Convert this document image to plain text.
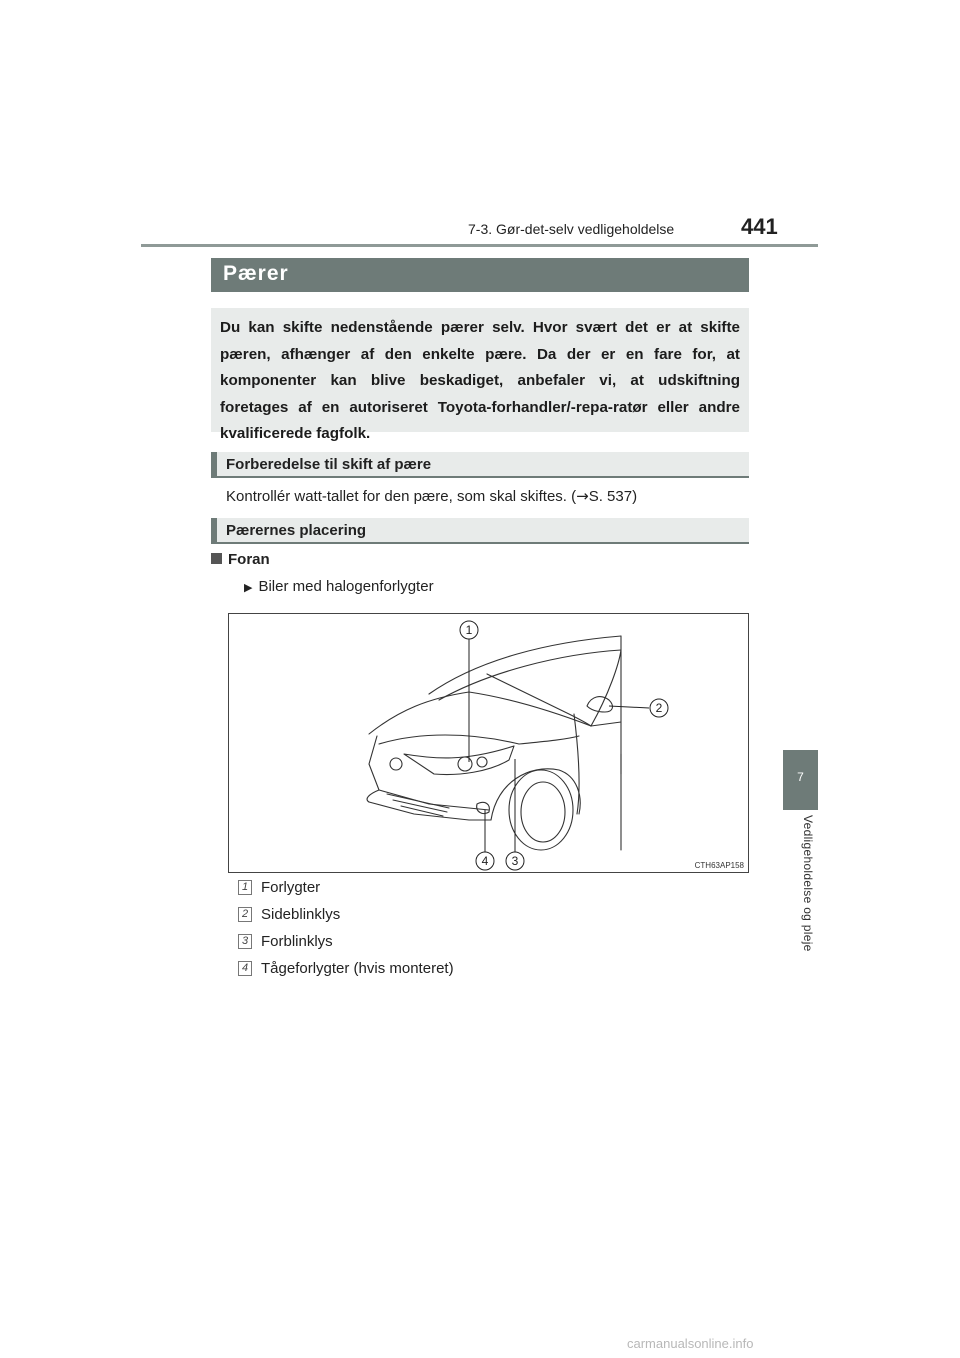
7-3. Gør-det-selv vedligeholdelse	441
7
Vedligeholdelse og pleje
Pærer
Du kan skifte nedenstående pærer selv. Hvor svært det er at skifte pæren, afhænger af den enkelte pære. Da der er en fare for, at komponenter kan blive beskadiget, anbefaler vi, at udskiftning foretages af en autoriseret Toyota-forhandler/-repa-ratør eller andre kvalificerede fagfolk.
Forberedelse til skift af pære
Kontrollér watt-tallet for den pære, som skal skiftes. (→S. 537)
Pærernes placering
Foran
▶ Biler med halogenforlygter
1
2
3
4	CTH63AP158
1 Forlygter
2 Sideblinklys
3 Forblinklys
4 Tågeforlygter (hvis monteret)
carmanualsonline.info
